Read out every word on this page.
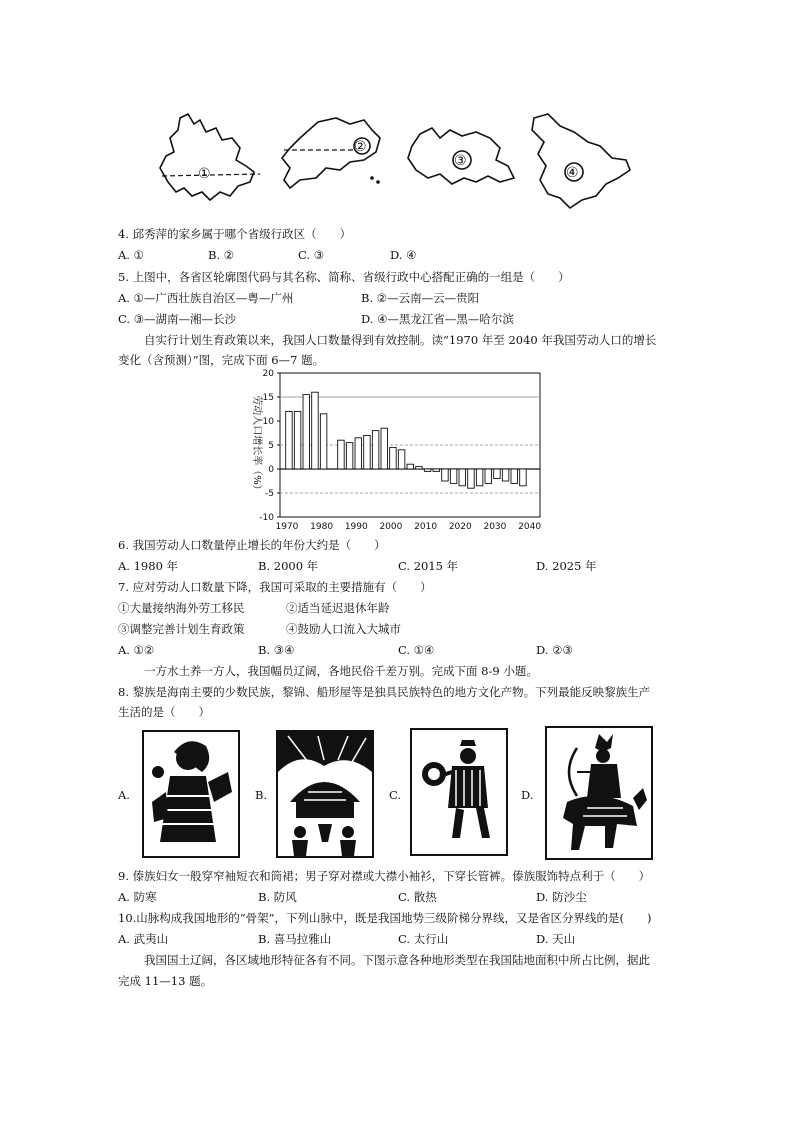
①
②
③
④
4. 邱秀萍的家乡属于哪个省级行政区（　　）
A. ①	B. ②	C. ③	D. ④
5. 上图中，各省区轮廓图代码与其名称、简称、省级行政中心搭配正确的一组是（　　）
A. ①—广西壮族自治区—粤—广州	B. ②—云南—云—贵阳
C. ③—湖南—湘—长沙	D. ④—黑龙江省—黑—哈尔滨
自实行计划生育政策以来，我国人口数量得到有效控制。读“1970 年至 2040 年我国劳动人口的增长
变化（含预测）”图，完成下面 6—7 题。
20
15
10
5
0
-5
-10
劳动人口增长率（%）
1970 1980 1990 2000 2010 2020 2030 2040
6. 我国劳动人口数量停止增长的年份大约是（　　）
A. 1980 年	B. 2000 年	C. 2015 年	D. 2025 年
7. 应对劳动人口数量下降，我国可采取的主要措施有（　　）
①大量接纳海外劳工移民	②适当延迟退休年龄
③调整完善计划生育政策	④鼓励人口流入大城市
A. ①②	B. ③④	C. ①④	D. ②③
一方水土养一方人，我国幅员辽阔，各地民俗千差万别。完成下面 8-9 小题。
8. 黎族是海南主要的少数民族，黎锦、船形屋等是独具民族特色的地方文化产物。下列最能反映黎族生产
生活的是（　　）
A.	B.	C.	D.
9. 傣族妇女一般穿窄袖短衣和筒裙；男子穿对襟或大襟小袖衫，下穿长管裤。傣族服饰特点利于（　　）
A. 防寒	B. 防风	C. 散热	D. 防沙尘
10.山脉构成我国地形的“骨架”，下列山脉中，既是我国地势三级阶梯分界线，又是省区分界线的是(　　)
A. 武夷山	B. 喜马拉雅山	C. 太行山	D. 天山
我国国土辽阔，各区域地形特征各有不同。下图示意各种地形类型在我国陆地面积中所占比例，据此
完成 11—13 题。
